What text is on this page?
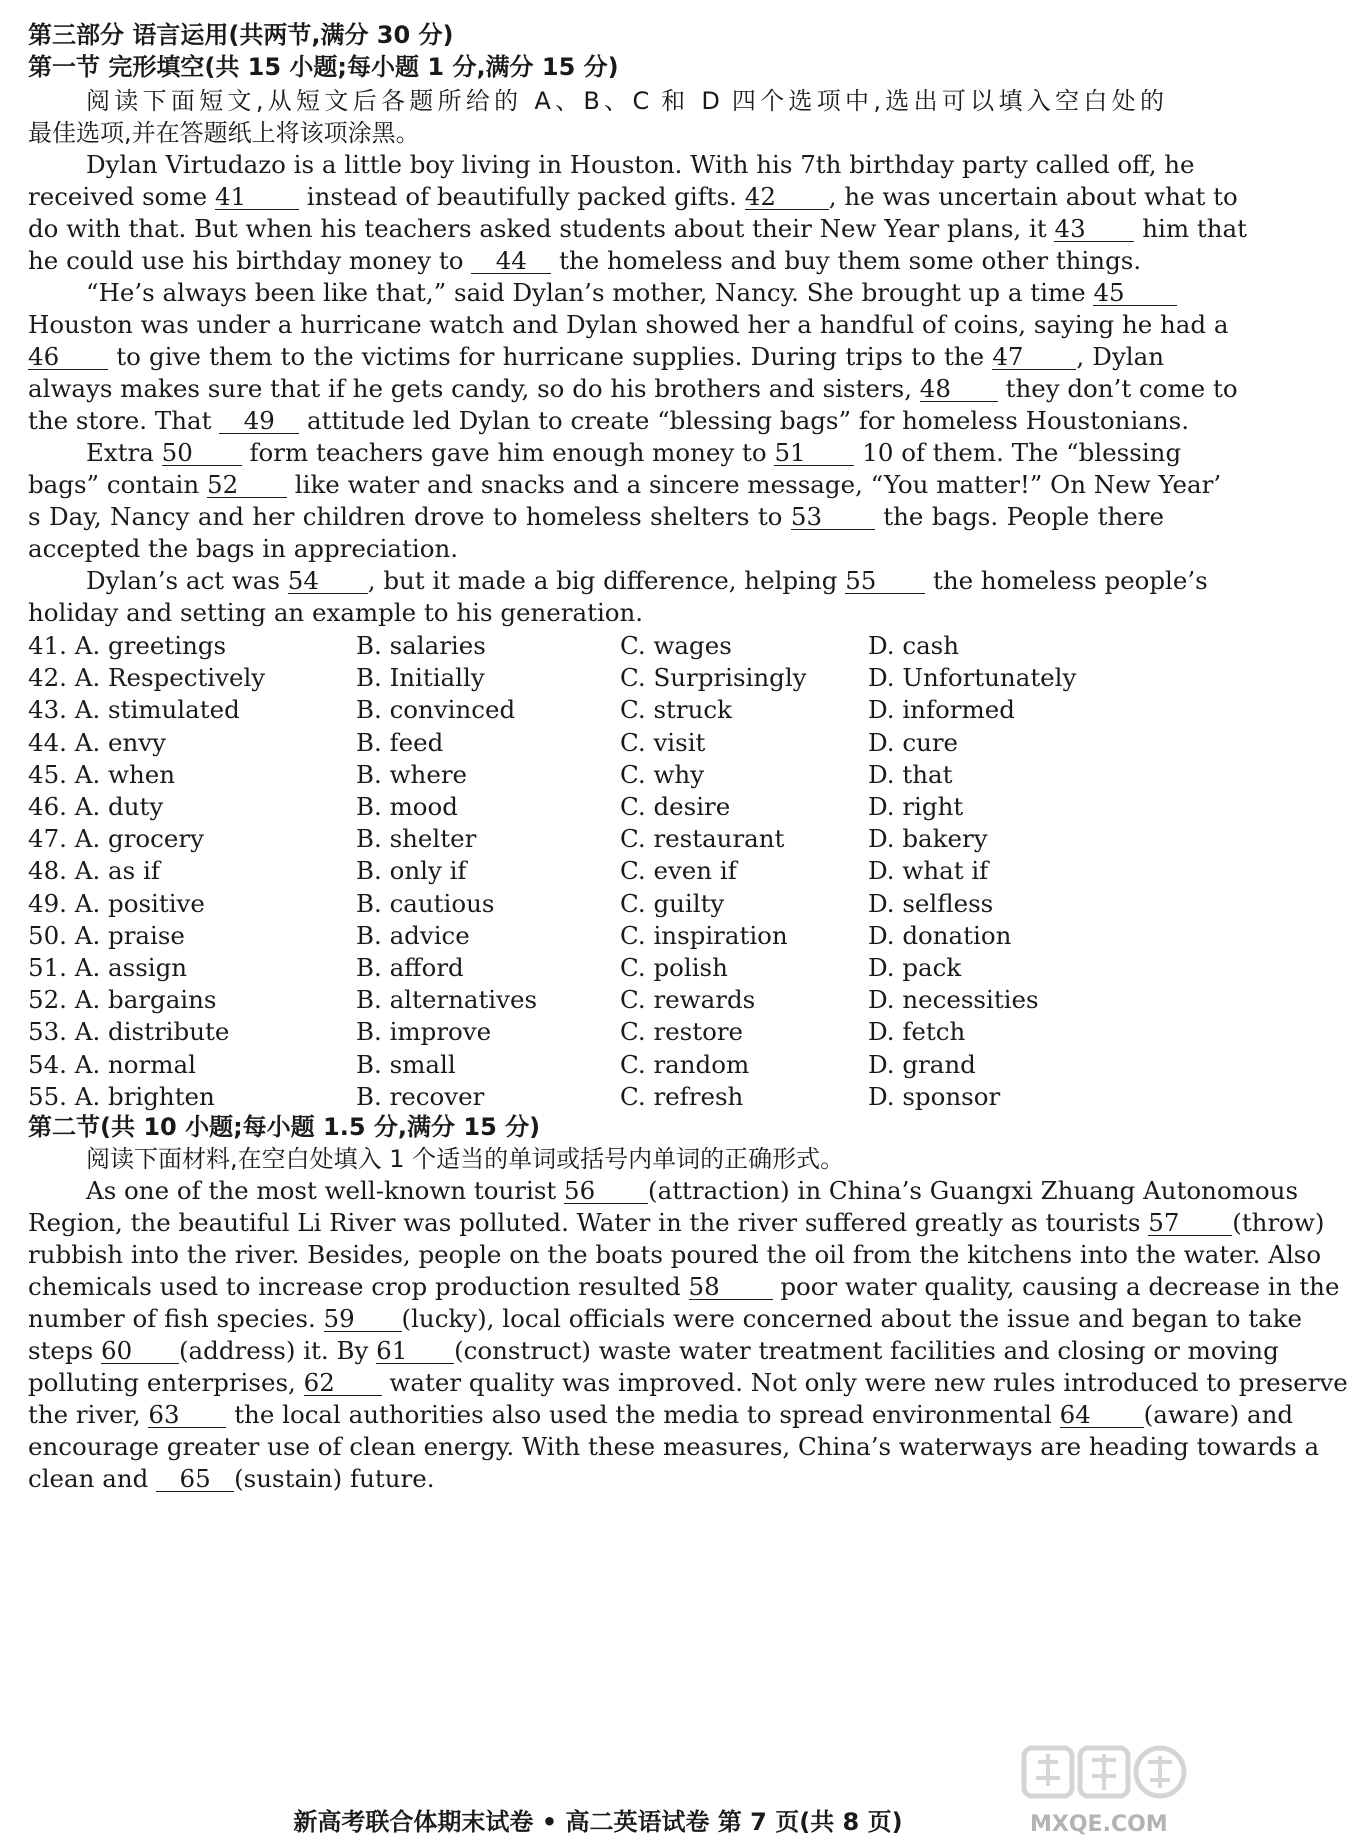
第三部分 语言运用(共两节,满分 30 分)
第一节 完形填空(共 15 小题;每小题 1 分,满分 15 分)
阅读下面短文,从短文后各题所给的 A、B、C 和 D 四个选项中,选出可以填入空白处的
最佳选项,并在答题纸上将该项涂黑。
Dylan Virtudazo is a little boy living in Houston. With his 7th birthday party called off, he
received some 41 instead of beautifully packed gifts. 42 , he was uncertain about what to
do with that. But when his teachers asked students about their New Year plans, it 43 him that
he could use his birthday money to 44 the homeless and buy them some other things.
“He’s always been like that,” said Dylan’s mother, Nancy. She brought up a time 45
Houston was under a hurricane watch and Dylan showed her a handful of coins, saying he had a
46 to give them to the victims for hurricane supplies. During trips to the 47 , Dylan
always makes sure that if he gets candy, so do his brothers and sisters, 48 they don’t come to
the store. That 49 attitude led Dylan to create “blessing bags” for homeless Houstonians.
Extra 50 form teachers gave him enough money to 51 10 of them. The “blessing
bags” contain 52 like water and snacks and a sincere message, “You matter!” On New Year’
s Day, Nancy and her children drove to homeless shelters to 53 the bags. People there
accepted the bags in appreciation.
Dylan’s act was 54 , but it made a big difference, helping 55 the homeless people’s
holiday and setting an example to his generation.
41. A. greetings	B. salaries	C. wages	D. cash
42. A. Respectively	B. Initially	C. Surprisingly	D. Unfortunately
43. A. stimulated	B. convinced	C. struck	D. informed
44. A. envy	B. feed	C. visit	D. cure
45. A. when	B. where	C. why	D. that
46. A. duty	B. mood	C. desire	D. right
47. A. grocery	B. shelter	C. restaurant	D. bakery
48. A. as if	B. only if	C. even if	D. what if
49. A. positive	B. cautious	C. guilty	D. selfless
50. A. praise	B. advice	C. inspiration	D. donation
51. A. assign	B. afford	C. polish	D. pack
52. A. bargains	B. alternatives	C. rewards	D. necessities
53. A. distribute	B. improve	C. restore	D. fetch
54. A. normal	B. small	C. random	D. grand
55. A. brighten	B. recover	C. refresh	D. sponsor
第二节(共 10 小题;每小题 1.5 分,满分 15 分)
阅读下面材料,在空白处填入 1 个适当的单词或括号内单词的正确形式。
As one of the most well-known tourist 56 (attraction) in China’s Guangxi Zhuang Autonomous
Region, the beautiful Li River was polluted. Water in the river suffered greatly as tourists 57 (throw)
rubbish into the river. Besides, people on the boats poured the oil from the kitchens into the water. Also
chemicals used to increase crop production resulted 58 poor water quality, causing a decrease in the
number of fish species. 59 (lucky), local officials were concerned about the issue and began to take
steps 60 (address) it. By 61 (construct) waste water treatment facilities and closing or moving
polluting enterprises, 62 water quality was improved. Not only were new rules introduced to preserve
the river, 63 the local authorities also used the media to spread environmental 64 (aware) and
encourage greater use of clean energy. With these measures, China’s waterways are heading towards a
clean and 65 (sustain) future.
新高考联合体期末试卷 • 高二英语试卷 第 7 页(共 8 页)	MXQE.COM
